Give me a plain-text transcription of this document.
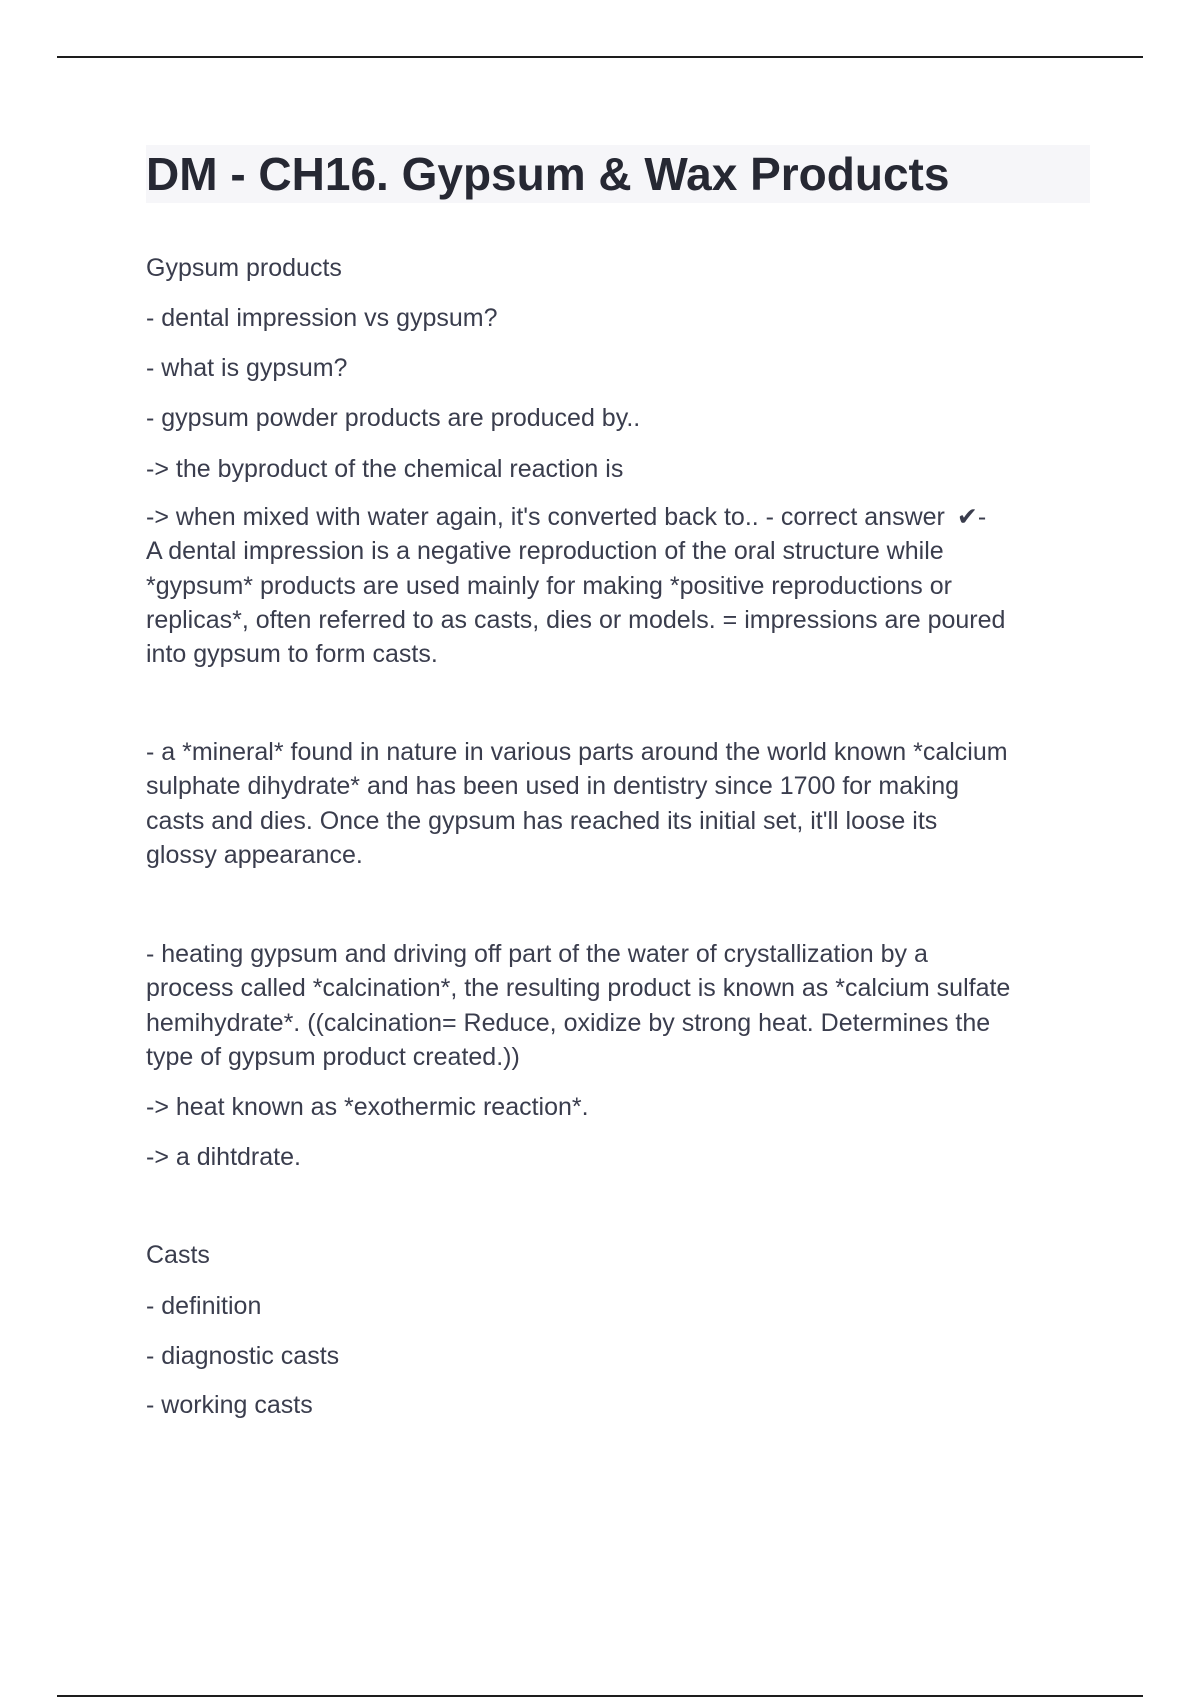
DM - CH16. Gypsum & Wax Products

Gypsum products

- dental impression vs gypsum?

- what is gypsum?

- gypsum powder products are produced by..

-> the byproduct of the chemical reaction is

-> when mixed with water again, it's converted back to.. - correct answer ✔-
A dental impression is a negative reproduction of the oral structure while
*gypsum* products are used mainly for making *positive reproductions or
replicas*, often referred to as casts, dies or models. = impressions are poured
into gypsum to form casts.
- a *mineral* found in nature in various parts around the world known *calcium
sulphate dihydrate* and has been used in dentistry since 1700 for making
casts and dies. Once the gypsum has reached its initial set, it'll loose its
glossy appearance.
- heating gypsum and driving off part of the water of crystallization by a
process called *calcination*, the resulting product is known as *calcium sulfate
hemihydrate*. ((calcination= Reduce, oxidize by strong heat. Determines the
type of gypsum product created.))

-> heat known as *exothermic reaction*.

-> a dihtdrate.

Casts

- definition

- diagnostic casts

- working casts
